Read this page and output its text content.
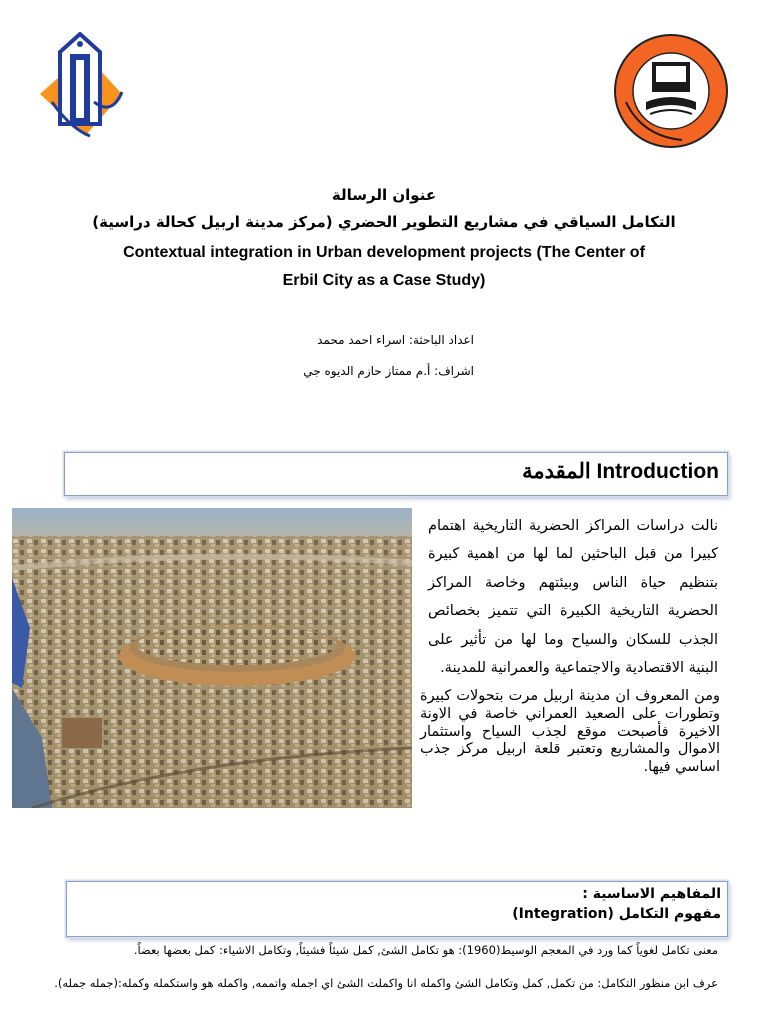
عنوان الرسالة
التكامل السياقي في مشاريع التطوير الحضري (مركز مدينة اربيل كحالة دراسية)
Contextual integration in Urban development projects (The Center of
Erbil City as a Case Study)
اعداد الباحثة: اسراء احمد محمد
اشراف: أ.م ممتاز حازم الديوه جي
المقدمة Introduction
نالت دراسات المراكز الحضرية التاريخية اهتمام كبيرا من قبل الباحثين لما لها من اهمية كبيرة بتنظيم حياة الناس وبيئتهم وخاصة المراكز الحضرية التاريخية الكبيرة التي تتميز بخصائص الجذب للسكان والسياح وما لها من تأثير على البنية الاقتصادية والاجتماعية والعمرانية للمدينة.
ومن المعروف ان مدينة اربيل مرت بتحولات كبيرة وتطورات على الصعيد العمراني خاصة في الاونة الاخيرة فأصبحت موقع لجذب السياح واستثمار الاموال والمشاريع وتعتبر قلعة اربيل مركز جذب اساسي فيها.
المفاهيم الاساسية :
مفهوم التكامل (Integration)
معنى تكامل لغوياً كما ورد في المعجم الوسيط(1960): هو تكامل الشئ, كمل شيئاً فشيئاً, وتكامل الاشياء: كمل بعضها بعضاً.
عرف ابن منظور التكامل: من تكمل, كمل وتكامل الشئ واكمله انا واكملت الشئ اي اجمله واتممه, واكمله هو واستكمله وكمله:(جمله جمله).
